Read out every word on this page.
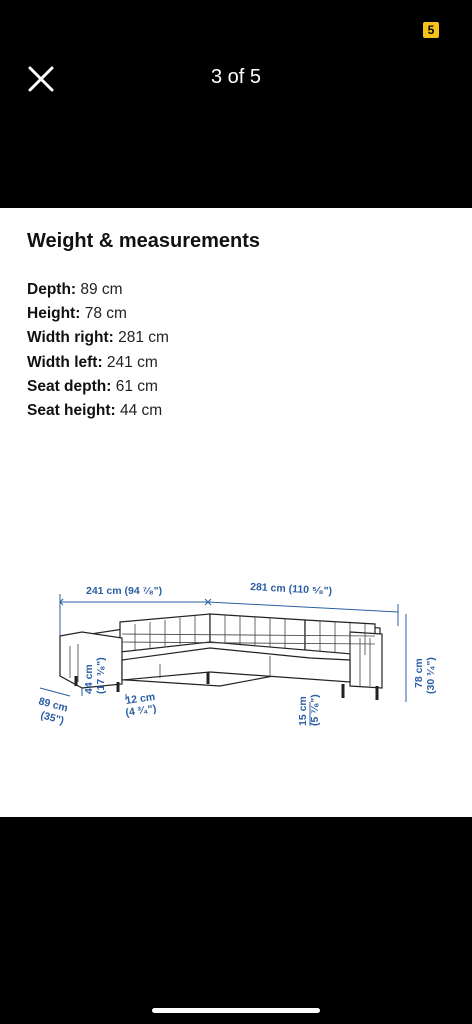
5
3 of 5
Weight & measurements
Depth: 89 cm
Height: 78 cm
Width right: 281 cm
Width left: 241 cm
Seat depth: 61 cm
Seat height: 44 cm
241 cm (94 ⁷⁄₈")	281 cm (110 ⁵⁄₈")
44 cm (17 ³⁄₈")
89 cm
(35")
12 cm
(4 ³⁄₄")	15 cm (5 ⁷⁄₈")
78 cm (30 ³⁄₄")
